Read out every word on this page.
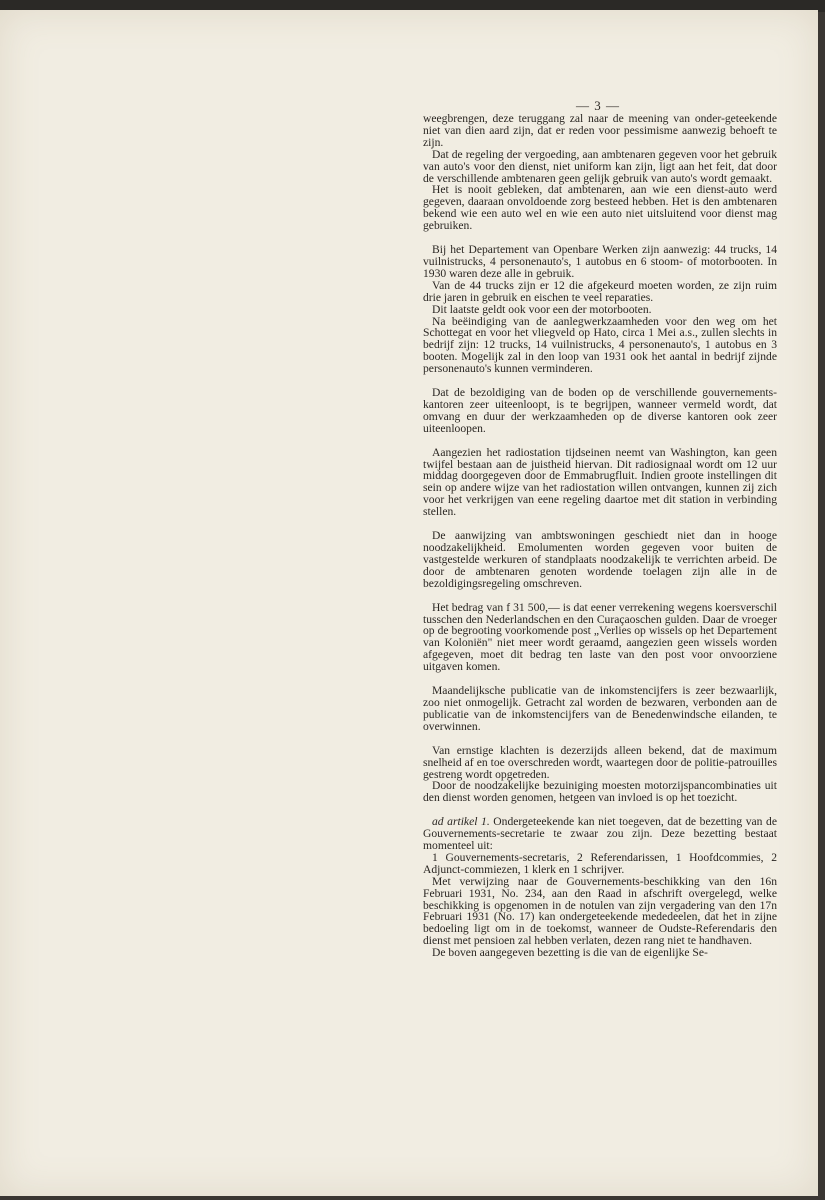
— 3 —

weegbrengen, deze teruggang zal naar de meening van onder-geteekende niet van dien aard zijn, dat er reden voor pessimisme aanwezig behoeft te zijn.

Dat de regeling der vergoeding, aan ambtenaren gegeven voor het gebruik van auto's voor den dienst, niet uniform kan zijn, ligt aan het feit, dat door de verschillende ambtenaren geen gelijk gebruik van auto's wordt gemaakt.

Het is nooit gebleken, dat ambtenaren, aan wie een dienst-auto werd gegeven, daaraan onvoldoende zorg besteed hebben. Het is den ambtenaren bekend wie een auto wel en wie een auto niet uitsluitend voor dienst mag gebruiken.

Bij het Departement van Openbare Werken zijn aanwezig: 44 trucks, 14 vuilnistrucks, 4 personenauto's, 1 autobus en 6 stoom- of motorbooten. In 1930 waren deze alle in gebruik.

Van de 44 trucks zijn er 12 die afgekeurd moeten worden, ze zijn ruim drie jaren in gebruik en eischen te veel reparaties.

Dit laatste geldt ook voor een der motorbooten.

Na beëindiging van de aanlegwerkzaamheden voor den weg om het Schottegat en voor het vliegveld op Hato, circa 1 Mei a.s., zullen slechts in bedrijf zijn: 12 trucks, 14 vuilnistrucks, 4 personenauto's, 1 autobus en 3 booten. Mogelijk zal in den loop van 1931 ook het aantal in bedrijf zijnde personenauto's kunnen verminderen.

Dat de bezoldiging van de boden op de verschillende gouvernements-kantoren zeer uiteenloopt, is te begrijpen, wanneer vermeld wordt, dat omvang en duur der werkzaamheden op de diverse kantoren ook zeer uiteenloopen.

Aangezien het radiostation tijdseinen neemt van Washington, kan geen twijfel bestaan aan de juistheid hiervan. Dit radiosignaal wordt om 12 uur middag doorgegeven door de Emmabrugfluit. Indien groote instellingen dit sein op andere wijze van het radiostation willen ontvangen, kunnen zij zich voor het verkrijgen van eene regeling daartoe met dit station in verbinding stellen.

De aanwijzing van ambtswoningen geschiedt niet dan in hooge noodzakelijkheid. Emolumenten worden gegeven voor buiten de vastgestelde werkuren of standplaats noodzakelijk te verrichten arbeid. De door de ambtenaren genoten wordende toelagen zijn alle in de bezoldigingsregeling omschreven.

Het bedrag van f 31 500,— is dat eener verrekening wegens koersverschil tusschen den Nederlandschen en den Curaçaoschen gulden. Daar de vroeger op de begrooting voorkomende post „Verlies op wissels op het Departement van Koloniën" niet meer wordt geraamd, aangezien geen wissels worden afgegeven, moet dit bedrag ten laste van den post voor onvoorziene uitgaven komen.

Maandelijksche publicatie van de inkomstencijfers is zeer bezwaarlijk, zoo niet onmogelijk. Getracht zal worden de bezwaren, verbonden aan de publicatie van de inkomstencijfers van de Benedenwindsche eilanden, te overwinnen.

Van ernstige klachten is dezerzijds alleen bekend, dat de maximum snelheid af en toe overschreden wordt, waartegen door de politie-patrouilles gestreng wordt opgetreden.

Door de noodzakelijke bezuiniging moesten motorzijspancombinaties uit den dienst worden genomen, hetgeen van invloed is op het toezicht.

ad artikel 1. Ondergeteekende kan niet toegeven, dat de bezetting van de Gouvernements-secretarie te zwaar zou zijn. Deze bezetting bestaat momenteel uit:

1 Gouvernements-secretaris, 2 Referendarissen, 1 Hoofdcommies, 2 Adjunct-commiezen, 1 klerk en 1 schrijver.

Met verwijzing naar de Gouvernements-beschikking van den 16n Februari 1931, No. 234, aan den Raad in afschrift overgelegd, welke beschikking is opgenomen in de notulen van zijn vergadering van den 17n Februari 1931 (No. 17) kan ondergeteekende mededeelen, dat het in zijne bedoeling ligt om in de toekomst, wanneer de Oudste-Referendaris den dienst met pensioen zal hebben verlaten, dezen rang niet te handhaven.

De boven aangegeven bezetting is die van de eigenlijke Se-
